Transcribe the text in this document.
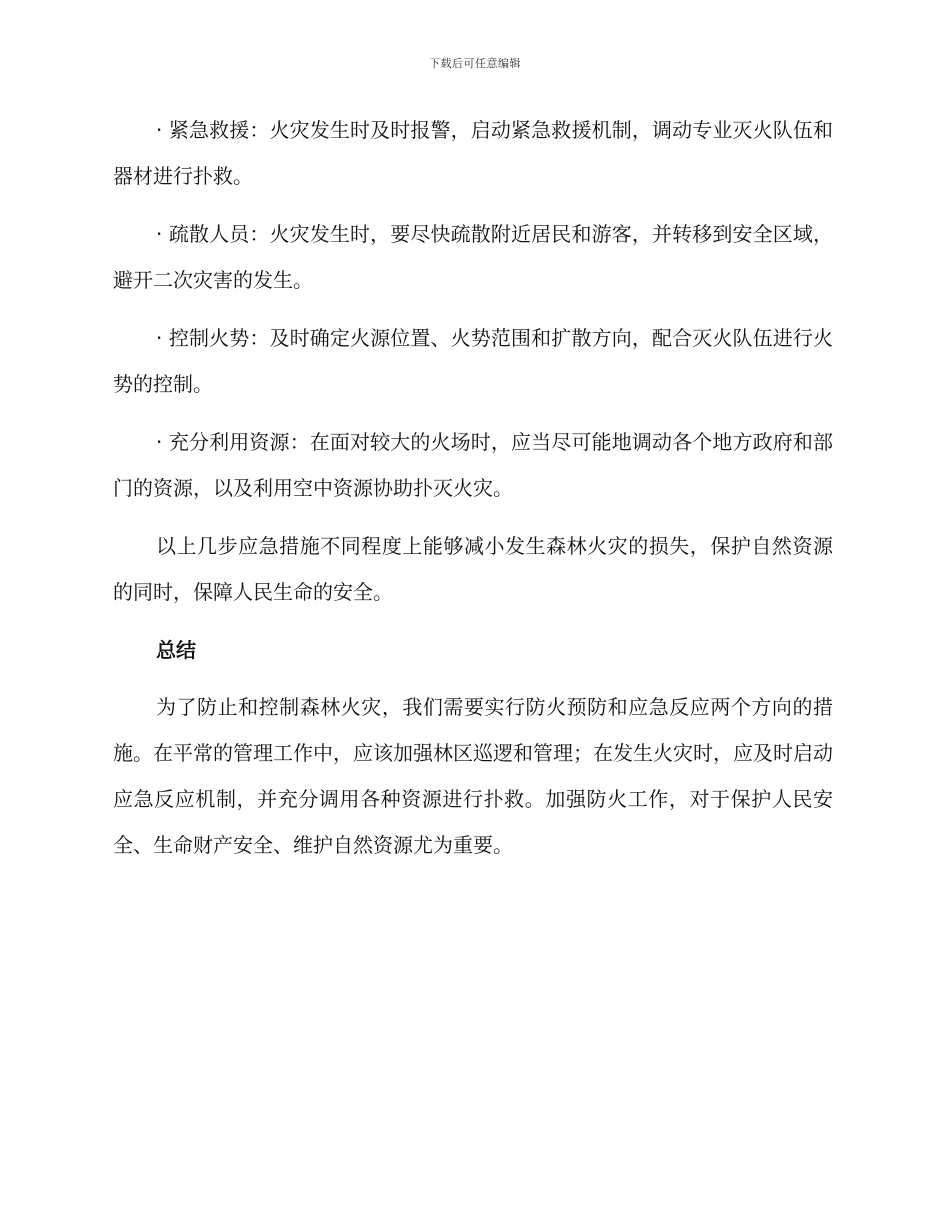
下载后可任意编辑

· 紧急救援：火灾发生时及时报警，启动紧急救援机制，调动专业灭火队伍和器材进行扑救。

· 疏散人员：火灾发生时，要尽快疏散附近居民和游客，并转移到安全区域，避开二次灾害的发生。

· 控制火势：及时确定火源位置、火势范围和扩散方向，配合灭火队伍进行火势的控制。

· 充分利用资源：在面对较大的火场时，应当尽可能地调动各个地方政府和部门的资源，以及利用空中资源协助扑灭火灾。

以上几步应急措施不同程度上能够减小发生森林火灾的损失，保护自然资源的同时，保障人民生命的安全。

总结

为了防止和控制森林火灾，我们需要实行防火预防和应急反应两个方向的措施。在平常的管理工作中，应该加强林区巡逻和管理；在发生火灾时，应及时启动应急反应机制，并充分调用各种资源进行扑救。加强防火工作，对于保护人民安全、生命财产安全、维护自然资源尤为重要。
